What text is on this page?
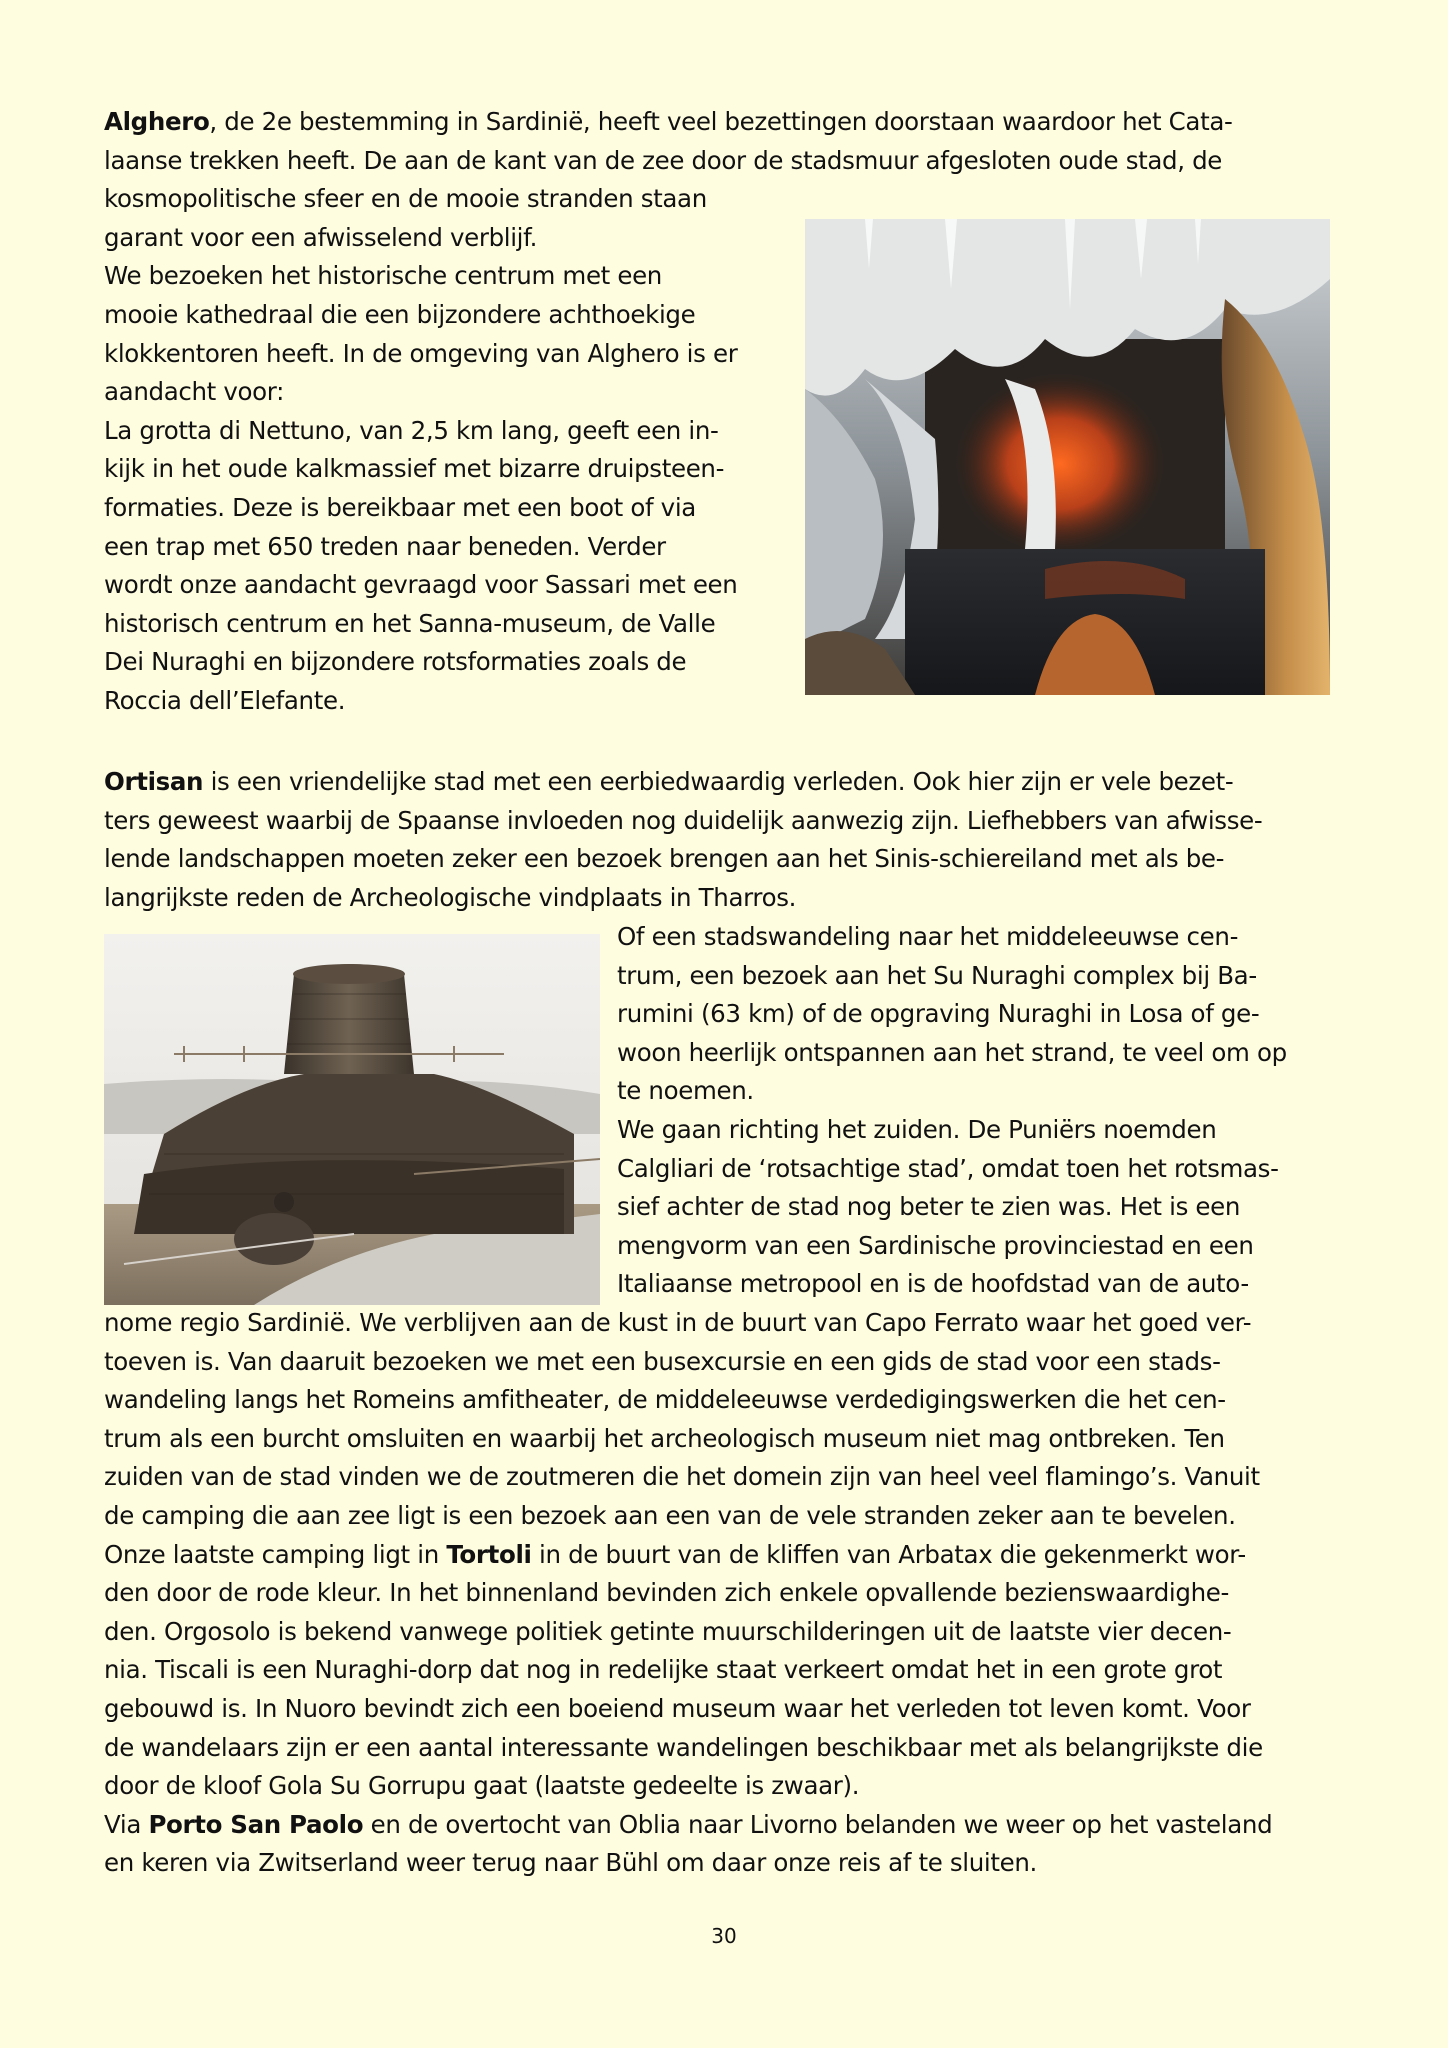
Alghero, de 2e bestemming in Sardinië, heeft veel bezettingen doorstaan waardoor het Cata-
laanse trekken heeft. De aan de kant van de zee door de stadsmuur afgesloten oude stad, de
kosmopolitische sfeer en de mooie stranden staan
garant voor een afwisselend verblijf.
We bezoeken het historische centrum met een
mooie kathedraal die een bijzondere achthoekige
klokkentoren heeft. In de omgeving van Alghero is er
aandacht voor:
La grotta di Nettuno, van 2,5 km lang, geeft een in-
kijk in het oude kalkmassief met bizarre druipsteen-
formaties. Deze is bereikbaar met een boot of via
een trap met 650 treden naar beneden. Verder
wordt onze aandacht gevraagd voor Sassari met een
historisch centrum en het Sanna-museum, de Valle
Dei Nuraghi en bijzondere rotsformaties zoals de
Roccia dell’Elefante.
Ortisan is een vriendelijke stad met een eerbiedwaardig verleden. Ook hier zijn er vele bezet-
ters geweest waarbij de Spaanse invloeden nog duidelijk aanwezig zijn. Liefhebbers van afwisse-
lende landschappen moeten zeker een bezoek brengen aan het Sinis-schiereiland met als be-
langrijkste reden de Archeologische vindplaats in Tharros.
Of een stadswandeling naar het middeleeuwse cen-
trum, een bezoek aan het Su Nuraghi complex bij Ba-
rumini (63 km) of de opgraving Nuraghi in Losa of ge-
woon heerlijk ontspannen aan het strand, te veel om op
te noemen.
We gaan richting het zuiden. De Puniërs noemden
Calgliari de ‘rotsachtige stad’, omdat toen het rotsmas-
sief achter de stad nog beter te zien was. Het is een
mengvorm van een Sardinische provinciestad en een
Italiaanse metropool en is de hoofdstad van de auto-
nome regio Sardinië. We verblijven aan de kust in de buurt van Capo Ferrato waar het goed ver-
toeven is. Van daaruit bezoeken we met een busexcursie en een gids de stad voor een stads-
wandeling langs het Romeins amfitheater, de middeleeuwse verdedigingswerken die het cen-
trum als een burcht omsluiten en waarbij het archeologisch museum niet mag ontbreken. Ten
zuiden van de stad vinden we de zoutmeren die het domein zijn van heel veel flamingo’s. Vanuit
de camping die aan zee ligt is een bezoek aan een van de vele stranden zeker aan te bevelen.
Onze laatste camping ligt in Tortoli in de buurt van de kliffen van Arbatax die gekenmerkt wor-
den door de rode kleur. In het binnenland bevinden zich enkele opvallende bezienswaardighe-
den. Orgosolo is bekend vanwege politiek getinte muurschilderingen uit de laatste vier decen-
nia. Tiscali is een Nuraghi-dorp dat nog in redelijke staat verkeert omdat het in een grote grot
gebouwd is. In Nuoro bevindt zich een boeiend museum waar het verleden tot leven komt. Voor
de wandelaars zijn er een aantal interessante wandelingen beschikbaar met als belangrijkste die
door de kloof Gola Su Gorrupu gaat (laatste gedeelte is zwaar).
Via Porto San Paolo en de overtocht van Oblia naar Livorno belanden we weer op het vasteland
en keren via Zwitserland weer terug naar Bühl om daar onze reis af te sluiten.
30
